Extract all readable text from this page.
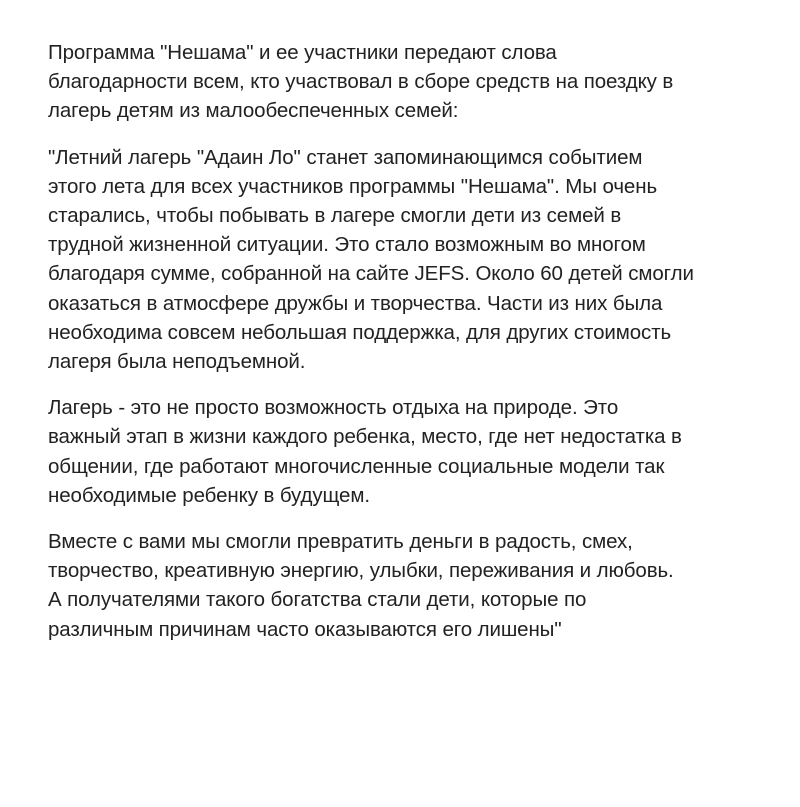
Программа "Нешама" и ее участники передают слова
благодарности всем, кто участвовал в сборе средств на поездку в
лагерь детям из малообеспеченных семей:

"Летний лагерь "Адаин Ло" станет запоминающимся событием
этого лета для всех участников программы "Нешама". Мы очень
старались, чтобы побывать в лагере смогли дети из семей в
трудной жизненной ситуации. Это стало возможным во многом
благодаря сумме, собранной на сайте JEFS. Около 60 детей смогли
оказаться в атмосфере дружбы и творчества. Части из них была
необходима совсем небольшая поддержка, для других стоимость
лагеря была неподъемной.

Лагерь - это не просто возможность отдыха на природе. Это
важный этап в жизни каждого ребенка, место, где нет недостатка в
общении, где работают многочисленные социальные модели так
необходимые ребенку в будущем.

Вместе с вами мы смогли превратить деньги в радость, смех,
творчество, креативную энергию, улыбки, переживания и любовь.
А получателями такого богатства стали дети, которые по
различным причинам часто оказываются его лишены"
